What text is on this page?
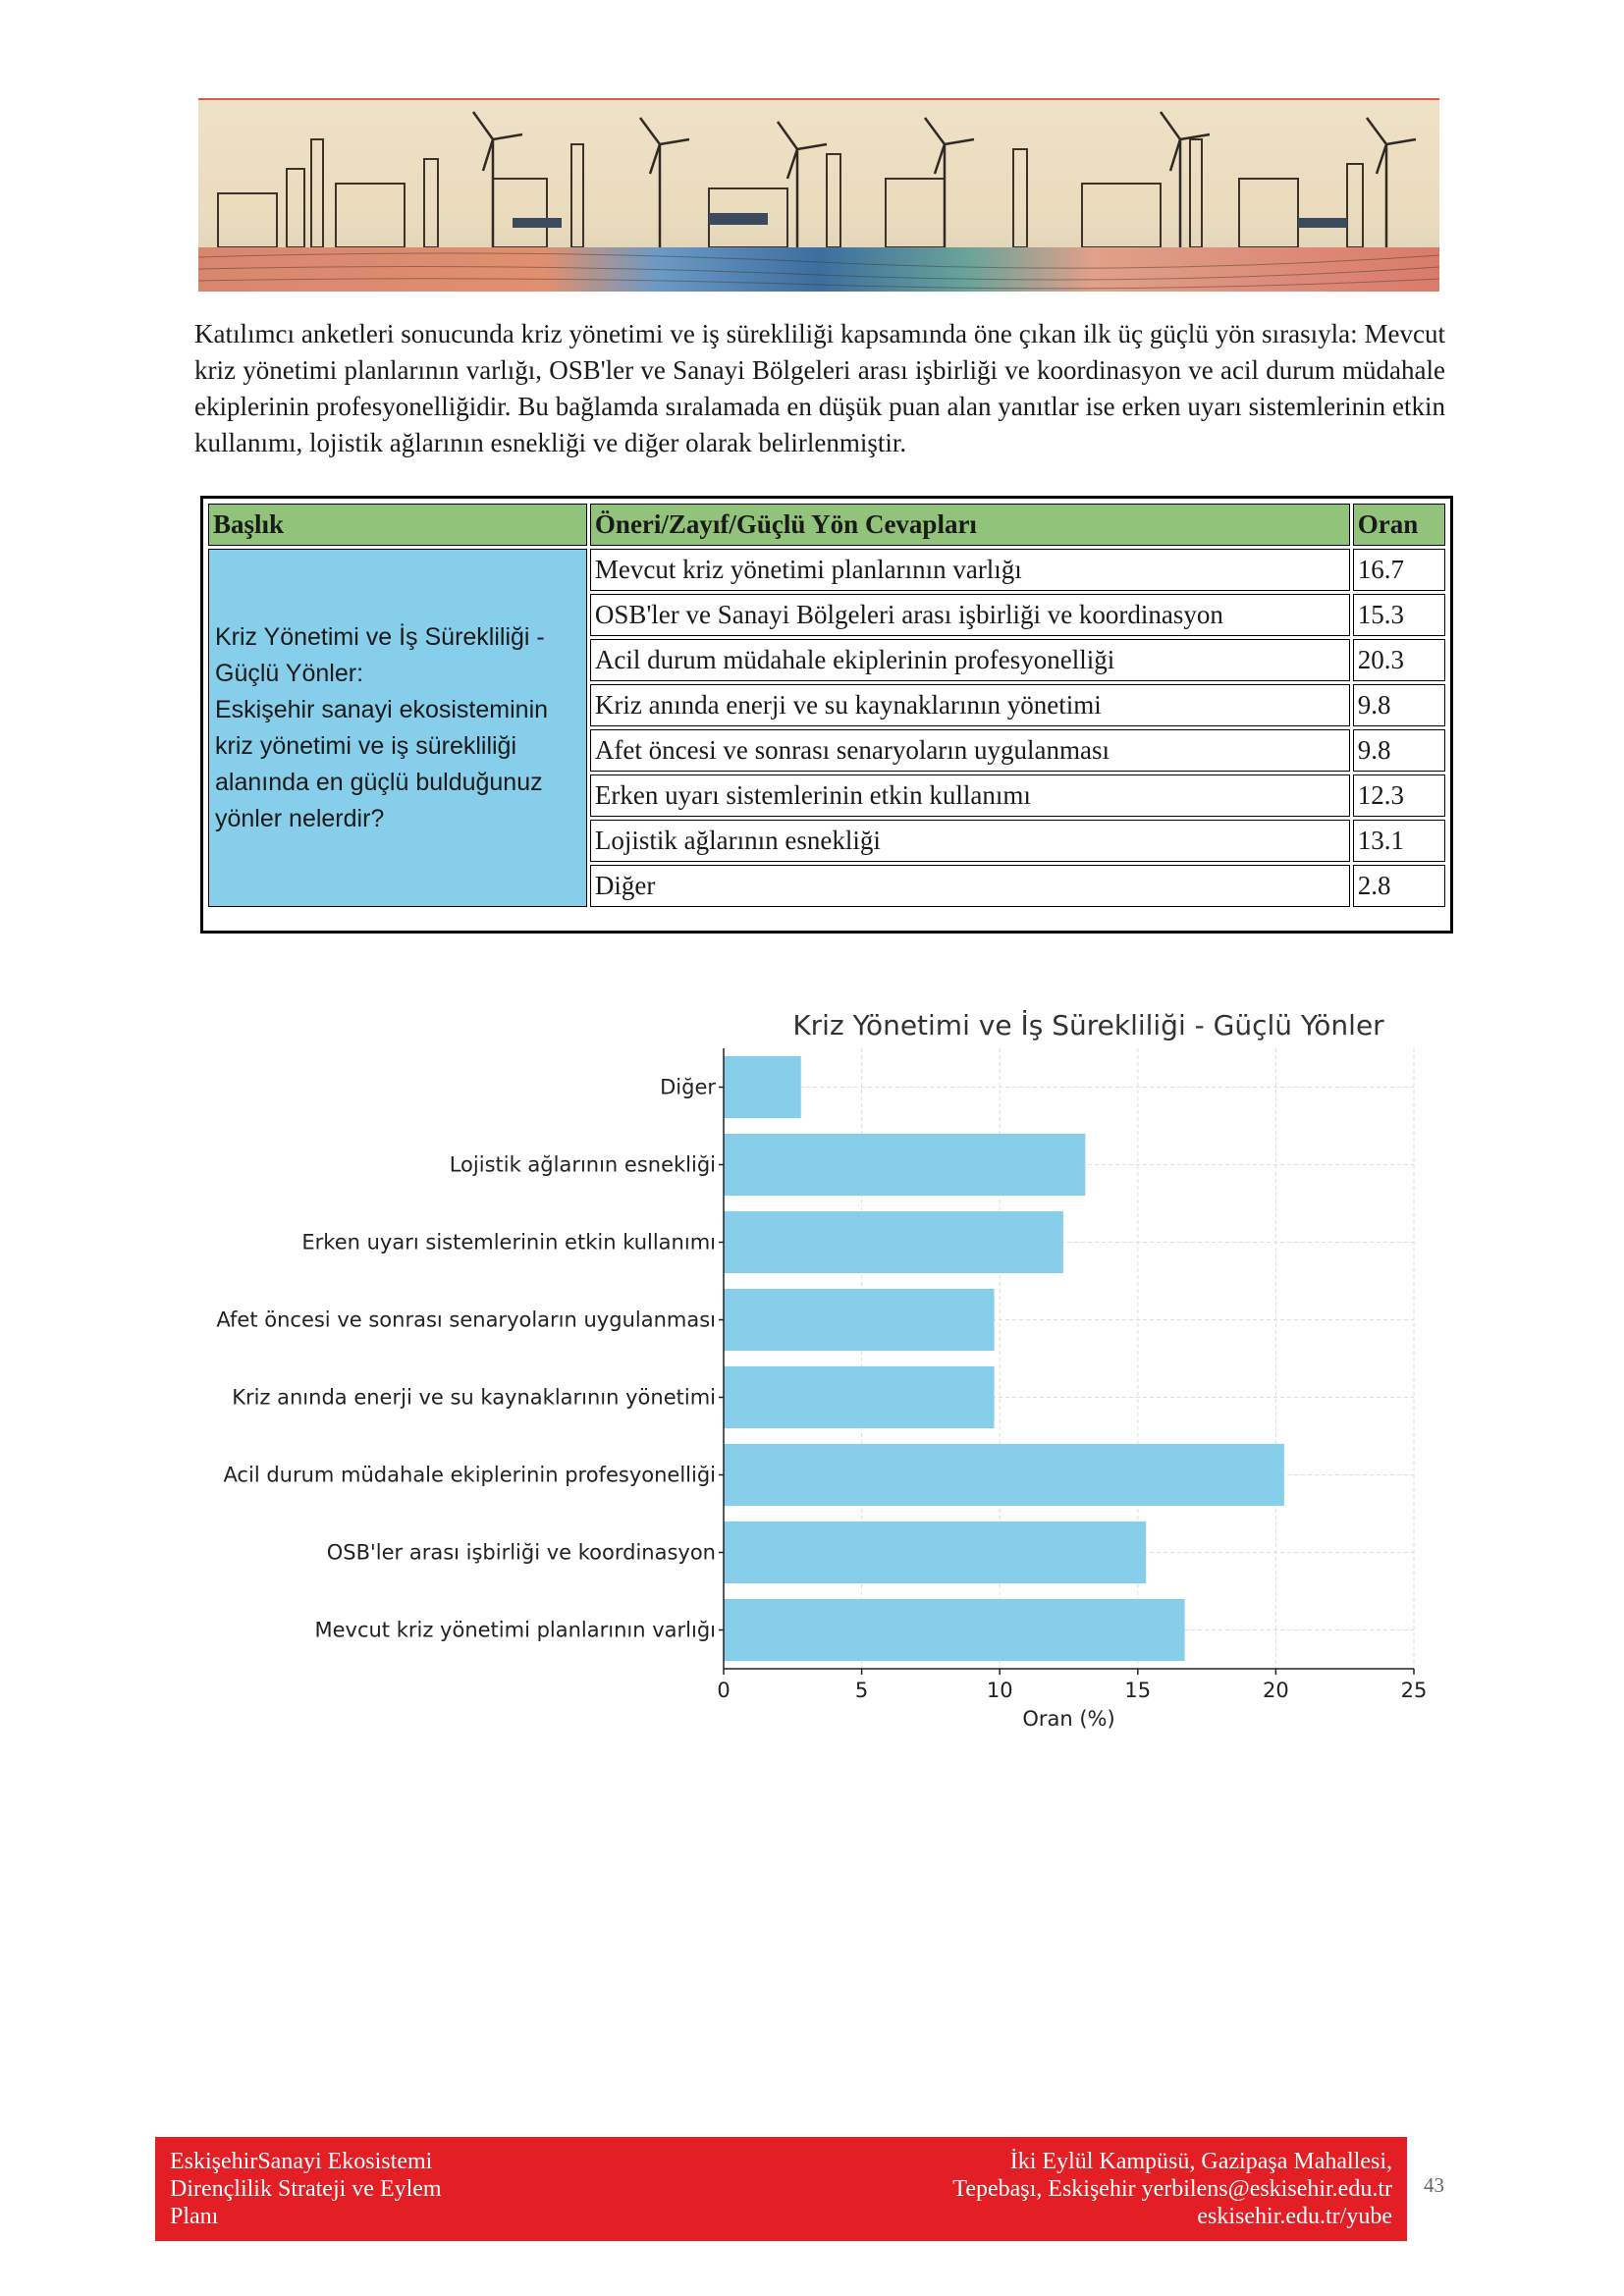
Katılımcı anketleri sonucunda kriz yönetimi ve iş sürekliliği kapsamında öne çıkan ilk üç güçlü yön sırasıyla: Mevcut kriz yönetimi planlarının varlığı, OSB'ler ve Sanayi Bölgeleri arası işbirliği ve koordinasyon ve acil durum müdahale ekiplerinin profesyonelliğidir. Bu bağlamda sıralamada en düşük puan alan yanıtlar ise erken uyarı sistemlerinin etkin kullanımı, lojistik ağlarının esnekliği ve diğer olarak belirlenmiştir.

Başlık	Öneri/Zayıf/Güçlü Yön Cevapları	Oran
Kriz Yönetimi ve İş Sürekliliği - Güçlü Yönler:
Eskişehir sanayi ekosisteminin kriz yönetimi ve iş sürekliliği alanında en güçlü bulduğunuz yönler nelerdir?	Mevcut kriz yönetimi planlarının varlığı	16.7
	OSB'ler ve Sanayi Bölgeleri arası işbirliği ve koordinasyon	15.3
	Acil durum müdahale ekiplerinin profesyonelliği	20.3
	Kriz anında enerji ve su kaynaklarının yönetimi	9.8
	Afet öncesi ve sonrası senaryoların uygulanması	9.8
	Erken uyarı sistemlerinin etkin kullanımı	12.3
	Lojistik ağlarının esnekliği	13.1
	Diğer	2.8
Mevcut kriz yönetimi planlarının varlığı
OSB'ler arası işbirliği ve koordinasyon
Acil durum müdahale ekiplerinin profesyonelliği
Kriz anında enerji ve su kaynaklarının yönetimi
Afet öncesi ve sonrası senaryoların uygulanması
Erken uyarı sistemlerinin etkin kullanımı
Lojistik ağlarının esnekliği
Diğer
0	5	10	15	20	25
Oran (%)
Kriz Yönetimi ve İş Sürekliliği - Güçlü Yönler
EskişehirSanayi Ekosistemi
Dirençlilik Strateji ve Eylem
Planı
İki Eylül Kampüsü, Gazipaşa Mahallesi,
Tepebaşı, Eskişehir yerbilens@eskisehir.edu.tr
eskisehir.edu.tr/yube
43
